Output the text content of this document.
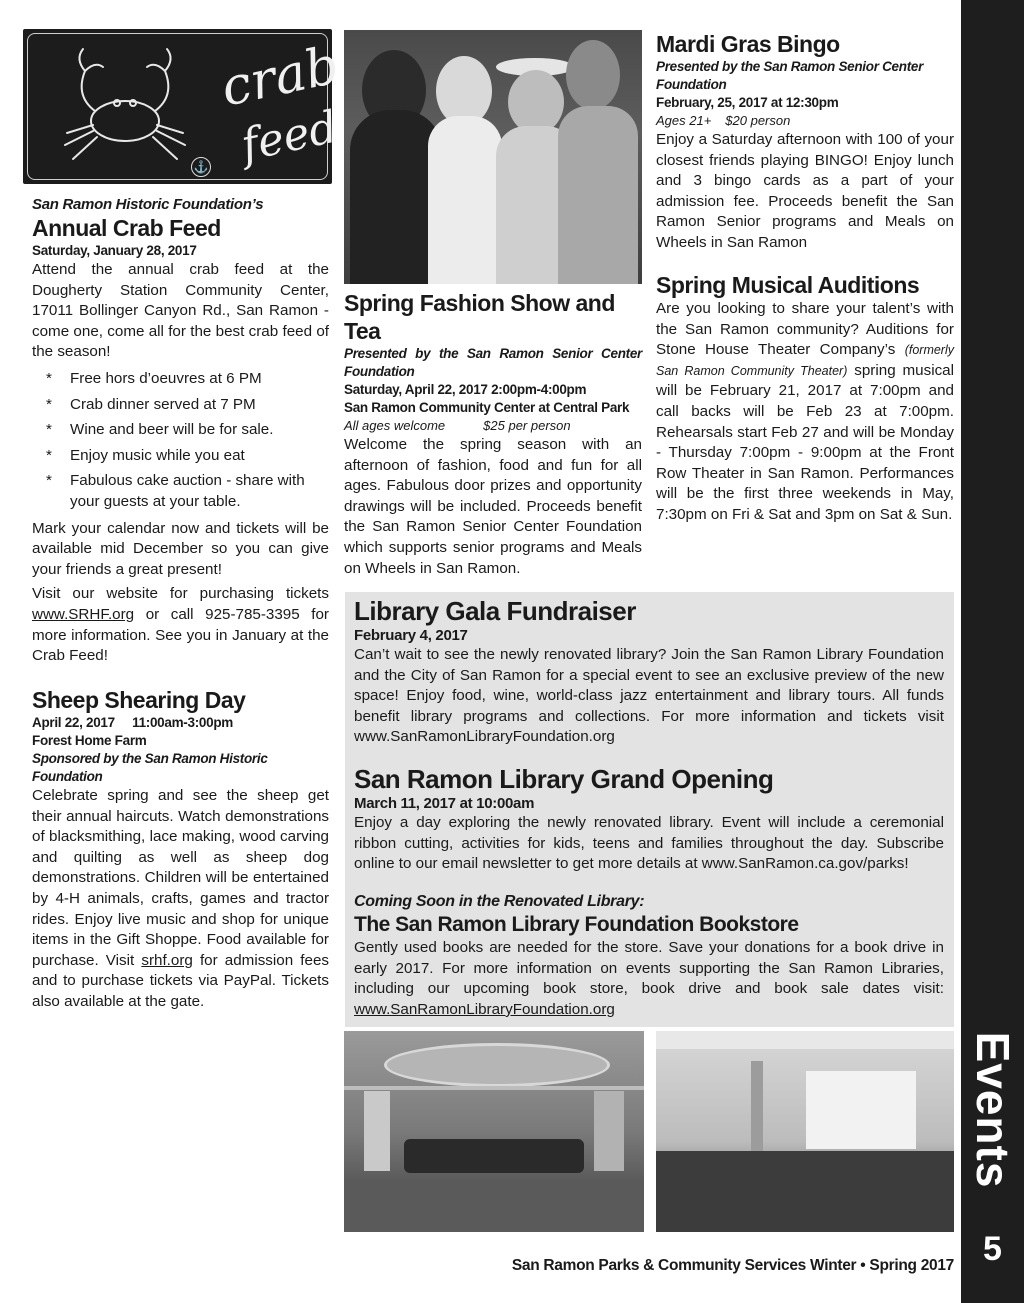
crab
feed
⚓
San Ramon Historic Foundation’s
Annual Crab Feed
Saturday, January 28, 2017

Attend the annual crab feed at the Dougherty Station Community Center, 17011 Bollinger Canyon Rd., San Ramon - come one, come all for the best crab feed of the season!

* Free hors d’oeuvres at 6 PM
* Crab dinner served at 7 PM
* Wine and beer will be for sale.
* Enjoy music while you eat
* Fabulous cake auction - share with your guests at your table.

Mark your calendar now and tickets will be available mid December so you can give your friends a great present!

Visit our website for purchasing tickets www.SRHF.org or call 925-785-3395 for more information. See you in January at the Crab Feed!

Sheep Shearing Day
April 22, 2017     11:00am-3:00pm
Forest Home Farm
Sponsored by the San Ramon Historic Foundation

Celebrate spring and see the sheep get their annual haircuts. Watch demonstrations of blacksmithing, lace making, wood carving and quilting as well as sheep dog demonstrations. Children will be entertained by 4-H animals, crafts, games and tractor rides. Enjoy live music and shop for unique items in the Gift Shoppe. Food available for purchase. Visit srhf.org for admission fees and to purchase tickets via PayPal. Tickets also available at the gate.

Spring Fashion Show and Tea
Presented by the San Ramon Senior Center Foundation
Saturday, April 22, 2017 2:00pm-4:00pm
San Ramon Community Center at Central Park
All ages welcome	$25 per person

Welcome the spring season with an afternoon of fashion, food and fun for all ages. Fabulous door prizes and opportunity drawings will be included. Proceeds benefit the San Ramon Senior Center Foundation which supports senior programs and Meals on Wheels in San Ramon.

Mardi Gras Bingo
Presented by the San Ramon Senior Center Foundation
February, 25, 2017 at 12:30pm
Ages 21+ $20 person

Enjoy a Saturday afternoon with 100 of your closest friends playing BINGO! Enjoy lunch and 3 bingo cards as a part of your admission fee. Proceeds benefit the San Ramon Senior programs and Meals on Wheels in San Ramon

Spring Musical Auditions

Are you looking to share your talent’s with the San Ramon community? Auditions for Stone House Theater Company’s (formerly San Ramon Community Theater) spring musical will be February 21, 2017 at 7:00pm and call backs will be Feb 23 at 7:00pm. Rehearsals start Feb 27 and will be Monday - Thursday 7:00pm - 9:00pm at the Front Row Theater in San Ramon. Performances will be the first three weekends in May, 7:30pm on Fri & Sat and 3pm on Sat & Sun.

Library Gala Fundraiser
February 4, 2017

Can’t wait to see the newly renovated library? Join the San Ramon Library Foundation and the City of San Ramon for a special event to see an exclusive preview of the new space! Enjoy food, wine, world-class jazz entertainment and library tours. All funds benefit library programs and collections. For more information and tickets visit www.SanRamonLibraryFoundation.org

San Ramon Library Grand Opening
March 11, 2017 at 10:00am

Enjoy a day exploring the newly renovated library. Event will include a ceremonial ribbon cutting, activities for kids, teens and families throughout the day. Subscribe online to our email newsletter to get more details at www.SanRamon.ca.gov/parks!

Coming Soon in the Renovated Library:
The San Ramon Library Foundation Bookstore

Gently used books are needed for the store. Save your donations for a book drive in early 2017. For more information on events supporting the San Ramon Libraries, including our upcoming book store, book drive and book sale dates visit: www.SanRamonLibraryFoundation.org

Events
5
San Ramon Parks & Community Services Winter • Spring 2017
